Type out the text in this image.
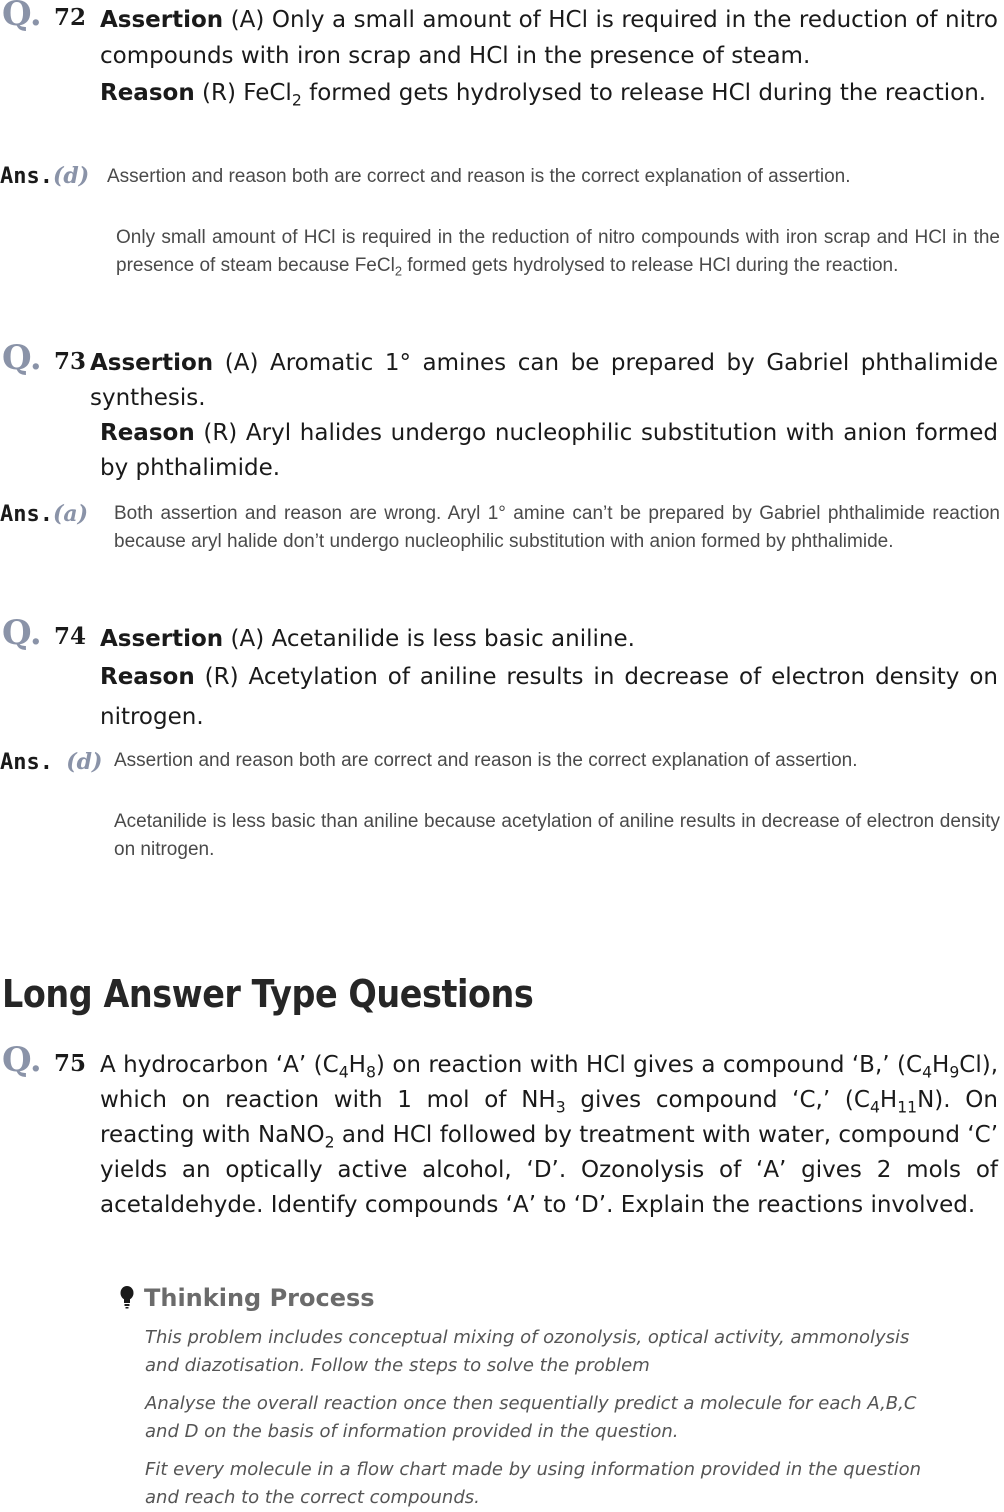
Q. 72 Assertion (A) Only a small amount of HCl is required in the reduction of nitro compounds with iron scrap and HCl in the presence of steam.
Reason (R) FeCl$_2$ formed gets hydrolysed to release HCl during the reaction.
Ans.(d) Assertion and reason both are correct and reason is the correct explanation of assertion.
Only small amount of HCl is required in the reduction of nitro compounds with iron scrap and HCl in the presence of steam because FeCl$_2$ formed gets hydrolysed to release HCl during the reaction.
Q. 73 Assertion (A) Aromatic 1° amines can be prepared by Gabriel phthalimide synthesis.
Reason (R) Aryl halides undergo nucleophilic substitution with anion formed by phthalimide.
Ans.(a) Both assertion and reason are wrong. Aryl 1° amine can’t be prepared by Gabriel phthalimide reaction because aryl halide don’t undergo nucleophilic substitution with anion formed by phthalimide.
Q. 74 Assertion (A) Acetanilide is less basic aniline.
Reason (R) Acetylation of aniline results in decrease of electron density on nitrogen.
Ans. (d) Assertion and reason both are correct and reason is the correct explanation of assertion.
Acetanilide is less basic than aniline because acetylation of aniline results in decrease of electron density on nitrogen.
Long Answer Type Questions
Q. 75 A hydrocarbon ‘A’ $(C_4H_8)$ on reaction with HCl gives a compound ‘B,’ $(C_4H_9Cl)$, which on reaction with 1 mol of $NH_3$ gives compound ‘C,’ $(C_4H_{11}N)$. On reacting with NaNO$_2$ and HCl followed by treatment with water, compound ‘C’ yields an optically active alcohol, ‘D’. Ozonolysis of ‘A’ gives 2 mols of acetaldehyde. Identify compounds ‘A’ to ‘D’. Explain the reactions involved.
Thinking Process
This problem includes conceptual mixing of ozonolysis, optical activity, ammonolysis and diazotisation. Follow the steps to solve the problem
Analyse the overall reaction once then sequentially predict a molecule for each A,B,C and D on the basis of information provided in the question.
Fit every molecule in a flow chart made by using information provided in the question and reach to the correct compounds.
